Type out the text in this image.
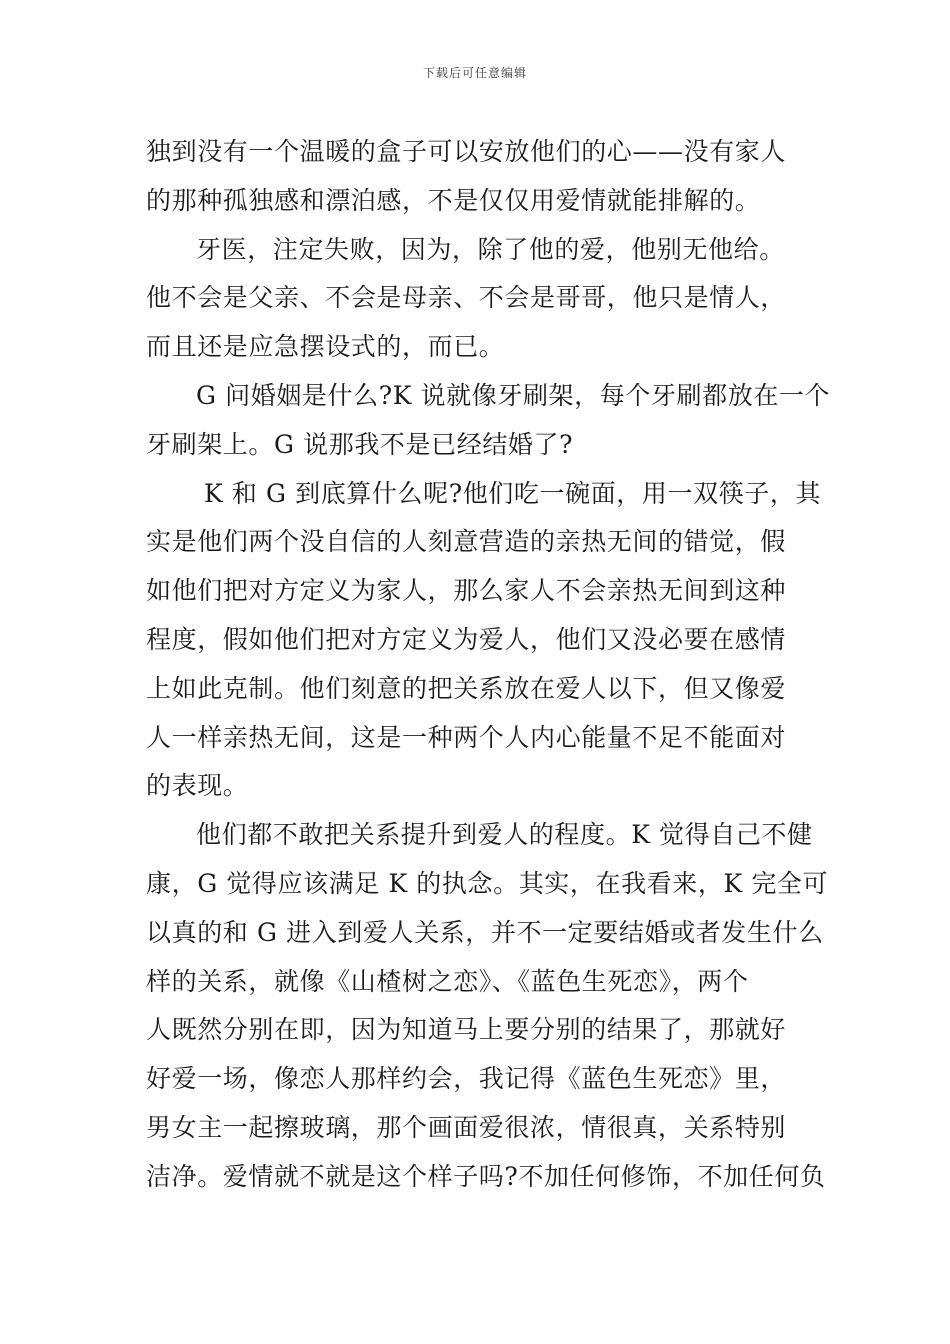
下载后可任意编辑
独到没有一个温暖的盒子可以安放他们的心——没有家人
的那种孤独感和漂泊感，不是仅仅用爱情就能排解的。
牙医，注定失败，因为，除了他的爱，他别无他给。
他不会是父亲、不会是母亲、不会是哥哥，他只是情人，
而且还是应急摆设式的，而已。
G 问婚姻是什么?K 说就像牙刷架，每个牙刷都放在一个
牙刷架上。G 说那我不是已经结婚了?
K 和 G 到底算什么呢?他们吃一碗面，用一双筷子，其
实是他们两个没自信的人刻意营造的亲热无间的错觉，假
如他们把对方定义为家人，那么家人不会亲热无间到这种
程度，假如他们把对方定义为爱人，他们又没必要在感情
上如此克制。他们刻意的把关系放在爱人以下，但又像爱
人一样亲热无间，这是一种两个人内心能量不足不能面对
的表现。
他们都不敢把关系提升到爱人的程度。K 觉得自己不健
康，G 觉得应该满足 K 的执念。其实，在我看来，K 完全可
以真的和 G 进入到爱人关系，并不一定要结婚或者发生什么
样的关系，就像《山楂树之恋》、《蓝色生死恋》，两个
人既然分别在即，因为知道马上要分别的结果了，那就好
好爱一场，像恋人那样约会，我记得《蓝色生死恋》里，
男女主一起擦玻璃，那个画面爱很浓，情很真，关系特别
洁净。爱情就不就是这个样子吗?不加任何修饰，不加任何负
